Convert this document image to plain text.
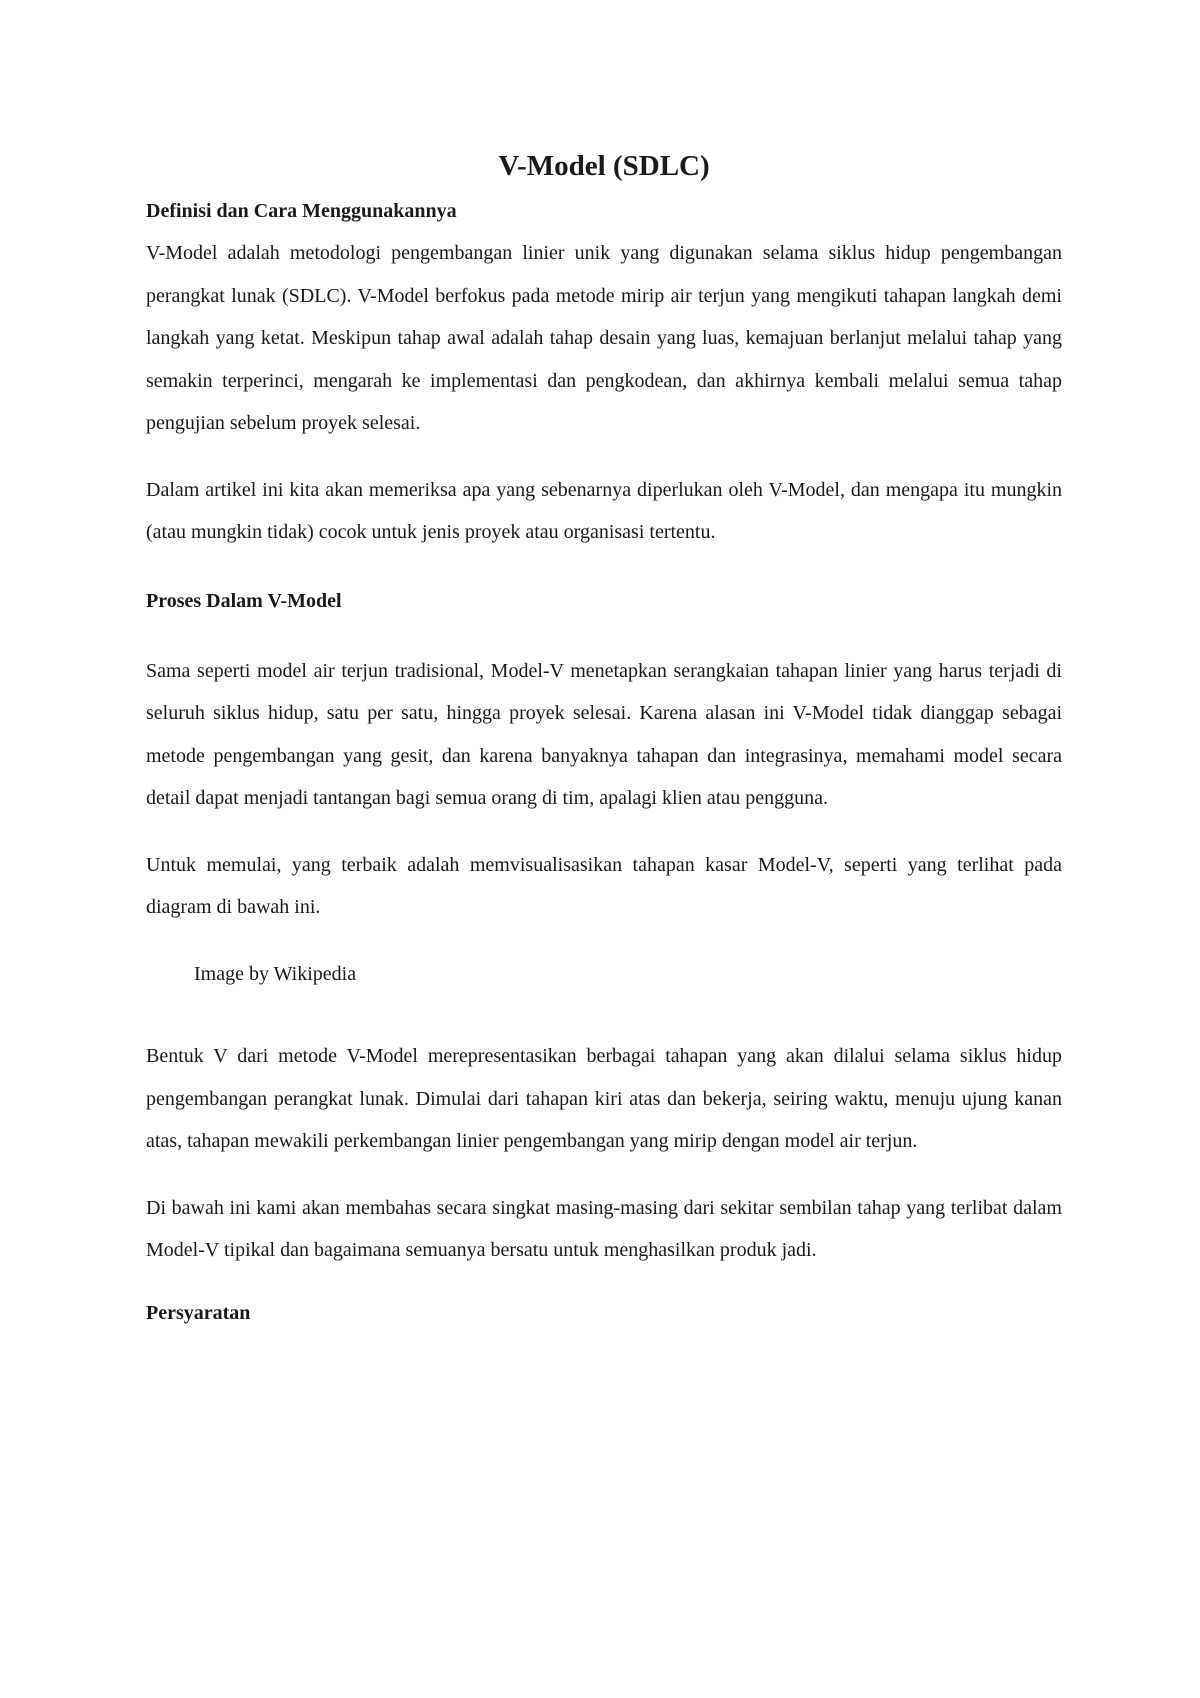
V-Model (SDLC)
Definisi dan Cara Menggunakannya

V-Model adalah metodologi pengembangan linier unik yang digunakan selama siklus hidup pengembangan perangkat lunak (SDLC). V-Model berfokus pada metode mirip air terjun yang mengikuti tahapan langkah demi langkah yang ketat. Meskipun tahap awal adalah tahap desain yang luas, kemajuan berlanjut melalui tahap yang semakin terperinci, mengarah ke implementasi dan pengkodean, dan akhirnya kembali melalui semua tahap pengujian sebelum proyek selesai.

Dalam artikel ini kita akan memeriksa apa yang sebenarnya diperlukan oleh V-Model, dan mengapa itu mungkin (atau mungkin tidak) cocok untuk jenis proyek atau organisasi tertentu.

Proses Dalam V-Model

Sama seperti model air terjun tradisional, Model-V menetapkan serangkaian tahapan linier yang harus terjadi di seluruh siklus hidup, satu per satu, hingga proyek selesai. Karena alasan ini V-Model tidak dianggap sebagai metode pengembangan yang gesit, dan karena banyaknya tahapan dan integrasinya, memahami model secara detail dapat menjadi tantangan bagi semua orang di tim, apalagi klien atau pengguna.

Untuk memulai, yang terbaik adalah memvisualisasikan tahapan kasar Model-V, seperti yang terlihat pada diagram di bawah ini.

Image by Wikipedia

Bentuk V dari metode V-Model merepresentasikan berbagai tahapan yang akan dilalui selama siklus hidup pengembangan perangkat lunak. Dimulai dari tahapan kiri atas dan bekerja, seiring waktu, menuju ujung kanan atas, tahapan mewakili perkembangan linier pengembangan yang mirip dengan model air terjun.

Di bawah ini kami akan membahas secara singkat masing-masing dari sekitar sembilan tahap yang terlibat dalam Model-V tipikal dan bagaimana semuanya bersatu untuk menghasilkan produk jadi.

Persyaratan
